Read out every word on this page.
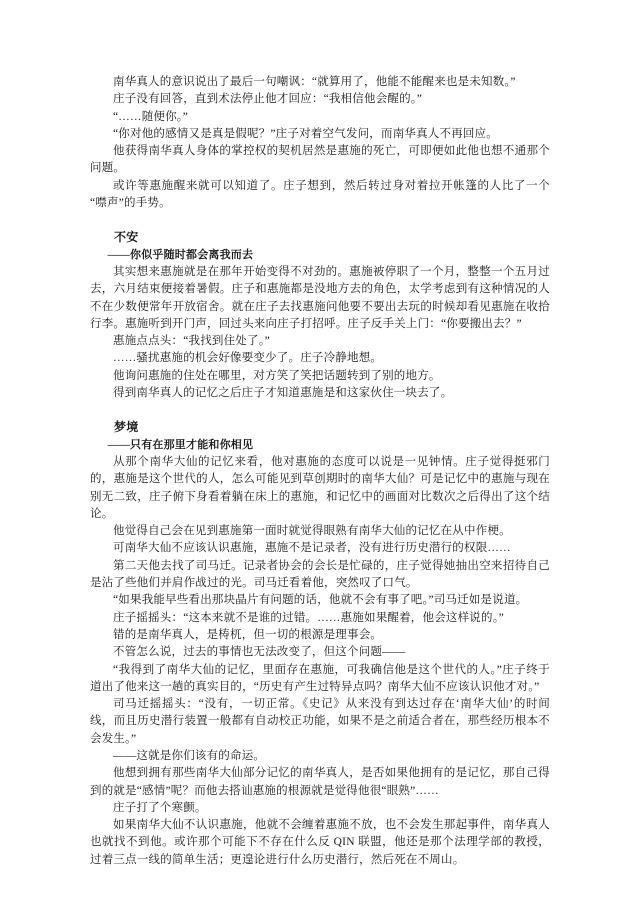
南华真人的意识说出了最后一句嘲讽：“就算用了，他能不能醒来也是未知数。”

庄子没有回答，直到术法停止他才回应：“我相信他会醒的。”

“……随便你。”

“你对他的感情又是真是假呢？”庄子对着空气发问，而南华真人不再回应。

他获得南华真人身体的掌控权的契机居然是惠施的死亡，可即便如此他也想不通那个问题。

或许等惠施醒来就可以知道了。庄子想到，然后转过身对着拉开帐篷的人比了一个“噤声”的手势。

不安

——你似乎随时都会离我而去

其实想来惠施就是在那年开始变得不对劲的。惠施被停职了一个月，整整一个五月过去，六月结束便接着暑假。庄子和惠施都是没地方去的角色，太学考虑到有这种情况的人不在少数便常年开放宿舍。就在庄子去找惠施问他要不要出去玩的时候却看见惠施在收拾行李。惠施听到开门声，回过头来向庄子打招呼。庄子反手关上门：“你要搬出去？”

惠施点点头：“我找到住处了。”

……骚扰惠施的机会好像要变少了。庄子冷静地想。

他询问惠施的住处在哪里，对方笑了笑把话题转到了别的地方。

得到南华真人的记忆之后庄子才知道惠施是和这家伙住一块去了。

梦境

——只有在那里才能和你相见

从那个南华大仙的记忆来看，他对惠施的态度可以说是一见钟情。庄子觉得挺邪门的，惠施是这个世代的人，怎么可能见到草创期时的南华大仙？可是记忆中的惠施与现在别无二致，庄子俯下身看着躺在床上的惠施，和记忆中的画面对比数次之后得出了这个结论。

他觉得自己会在见到惠施第一面时就觉得眼熟有南华大仙的记忆在从中作梗。

可南华大仙不应该认识惠施，惠施不是记录者，没有进行历史潜行的权限……

第二天他去找了司马迁。记录者协会的会长是忙碌的，庄子觉得她抽出空来招待自己是沾了些他们并肩作战过的光。司马迁看着他，突然叹了口气。

“如果我能早些看出那块晶片有问题的话，他就不会有事了吧。”司马迁如是说道。

庄子摇摇头：“这本来就不是谁的过错。……惠施如果醒着，他会这样说的。”

错的是南华真人，是梼杌，但一切的根源是理事会。

不管怎么说，过去的事情也无法改变了，但这个问题——

“我得到了南华大仙的记忆，里面存在惠施，可我确信他是这个世代的人。”庄子终于道出了他来这一趟的真实目的，“历史有产生过特异点吗？南华大仙不应该认识他才对。”

司马迁摇摇头：“没有，一切正常。《史记》从来没有到达过存在‘南华大仙’的时间线，而且历史潜行装置一般都有自动校正功能，如果不是之前适合者在，那些经历根本不会发生。”

——这就是你们该有的命运。

他想到拥有那些南华大仙部分记忆的南华真人，是否如果他拥有的是记忆，那自己得到的就是“感情”呢？而他去搭讪惠施的根源就是觉得他很“眼熟”……

庄子打了个寒颤。

如果南华大仙不认识惠施，他就不会缠着惠施不放，也不会发生那起事件，南华真人也就找不到他。或许那个可能下不存在什么反 QIN 联盟，他还是那个法理学部的教授，过着三点一线的简单生活；更遑论进行什么历史潜行，然后死在不周山。
